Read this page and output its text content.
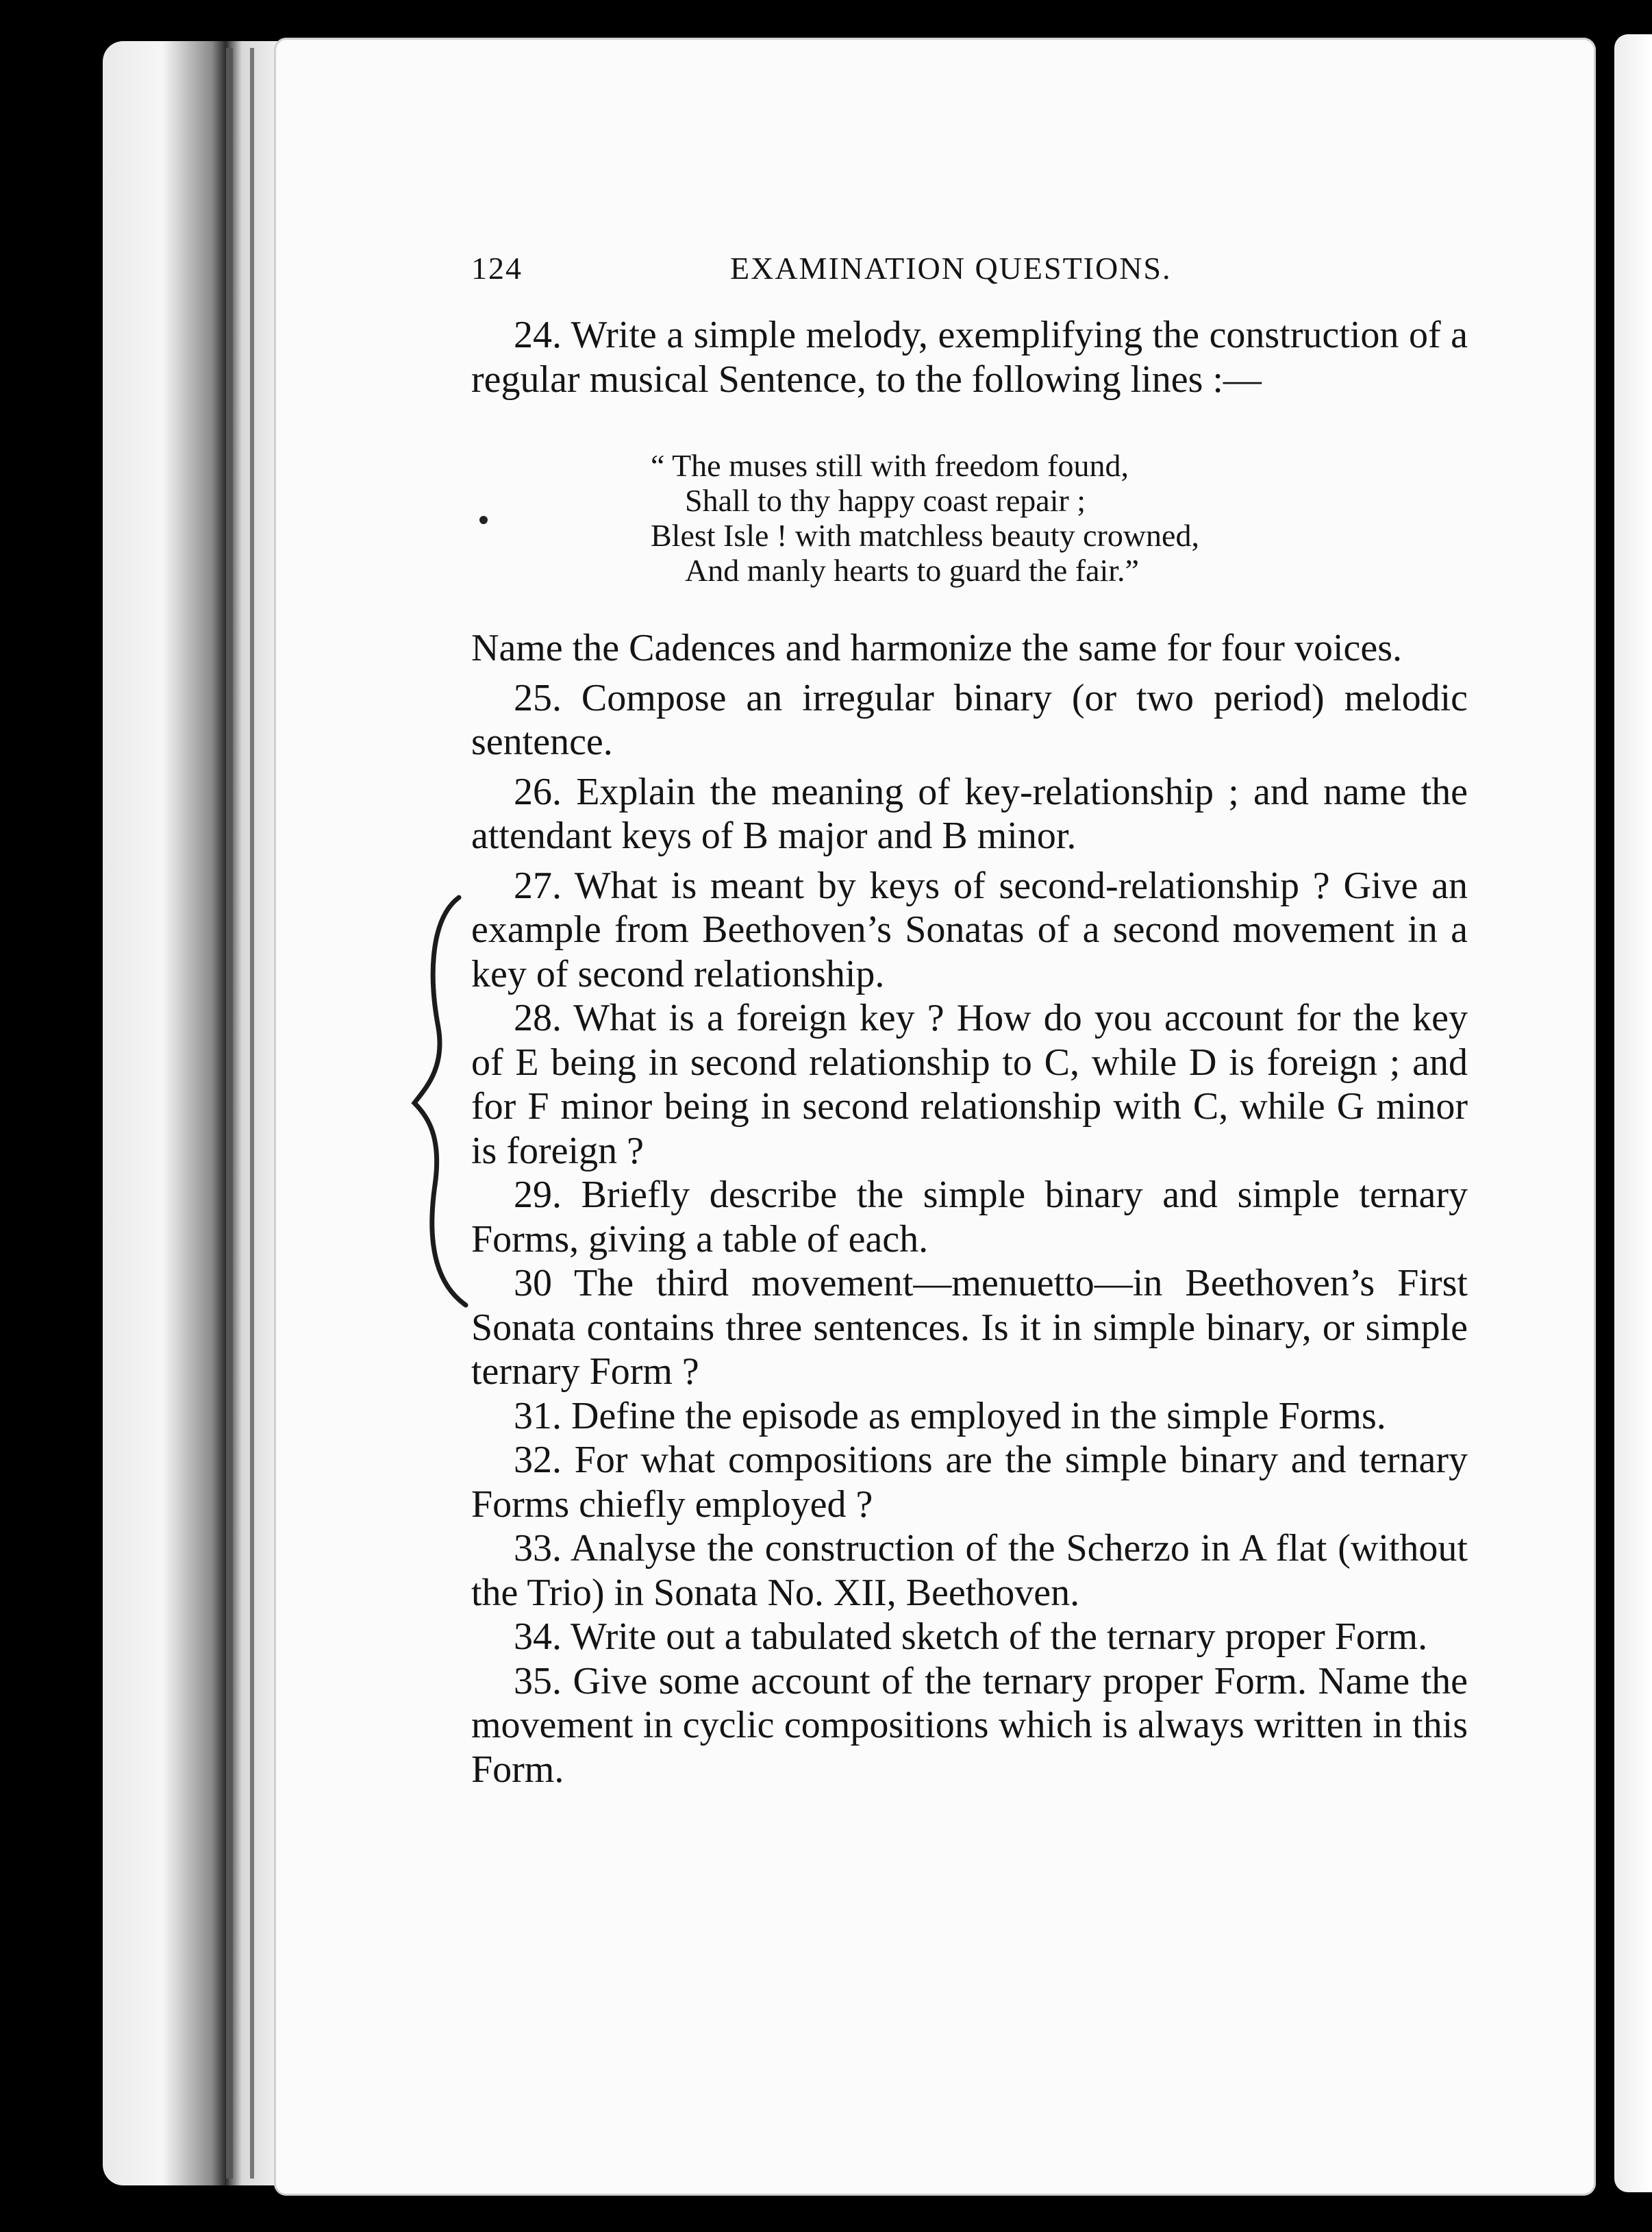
124	EXAMINATION QUESTIONS.

24. Write a simple melody, exemplifying the construction of a regular musical Sentence, to the following lines :—

“ The muses still with freedom found,
Shall to thy happy coast repair ;
Blest Isle ! with matchless beauty crowned,
And manly hearts to guard the fair.”

Name the Cadences and harmonize the same for four voices.

25. Compose an irregular binary (or two period) melodic sentence.

26. Explain the meaning of key-relationship ; and name the attendant keys of B major and B minor.

27. What is meant by keys of second-relationship ? Give an example from Beethoven’s Sonatas of a second movement in a key of second relationship.

28. What is a foreign key ? How do you account for the key of E being in second relationship to C, while D is foreign ; and for F minor being in second relationship with C, while G minor is foreign ?

29. Briefly describe the simple binary and simple ternary Forms, giving a table of each.

30 The third movement—menuetto—in Beethoven’s First Sonata contains three sentences. Is it in simple binary, or simple ternary Form ?

31. Define the episode as employed in the simple Forms.

32. For what compositions are the simple binary and ternary Forms chiefly employed ?

33. Analyse the construction of the Scherzo in A flat (without the Trio) in Sonata No. XII, Beethoven.

34. Write out a tabulated sketch of the ternary proper Form.

35. Give some account of the ternary proper Form. Name the movement in cyclic compositions which is always written in this Form.
